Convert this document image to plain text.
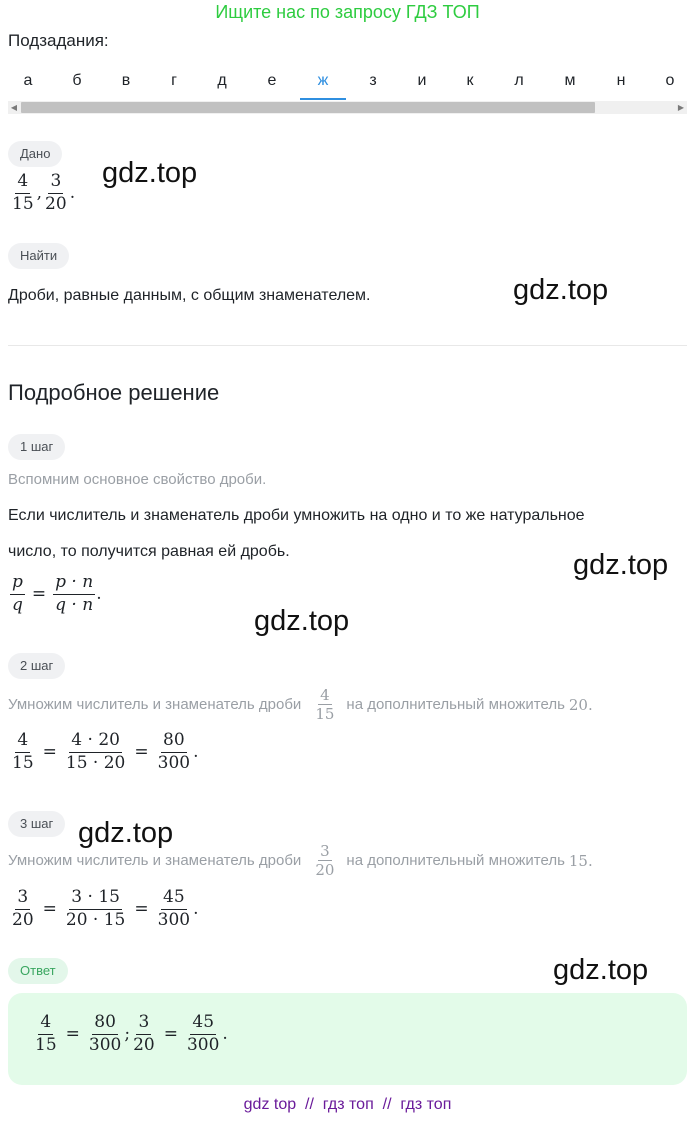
Ищите нас по запросу ГДЗ ТОП
Подзадания:
а	б	в	г	д	е	ж	з	и	к	л	м	н	о
◀	▶
Дано
$\frac{4}{15}$ , $\frac{3}{20}$ .
gdz.top
Найти
Дроби, равные данным, с общим знаменателем.	gdz.top
Подробное решение
1 шаг
Вспомним основное свойство дроби.
Если числитель и знаменатель дроби умножить на одно и то же натуральное
число, то получится равная ей дробь.	gdz.top
$\frac{p}{q} = \frac{p \cdot n}{q \cdot n}$ .
gdz.top
2 шаг
Умножим числитель и знаменатель дроби $\frac{4}{15}$ на дополнительный множитель 20.
$\frac{4}{15} = \frac{4 \cdot 20}{15 \cdot 20} = \frac{80}{300}$ .
3 шаг gdz.top
Умножим числитель и знаменатель дроби $\frac{3}{20}$ на дополнительный множитель 15.
$\frac{3}{20} = \frac{3 \cdot 15}{20 \cdot 15} = \frac{45}{300}$ .
Ответ	gdz.top
$\frac{4}{15} = \frac{80}{300}$ ; $\frac{3}{20} = \frac{45}{300}$ .
gdz top  //  гдз топ  //  гдз топ
